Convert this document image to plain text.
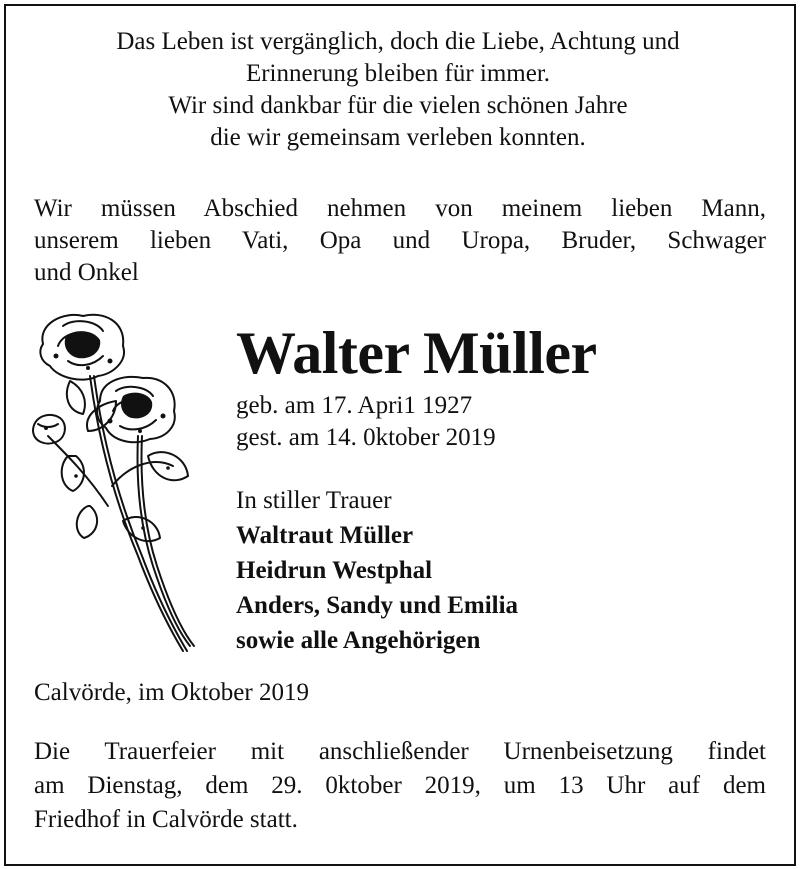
Das Leben ist vergänglich, doch die Liebe, Achtung und
Erinnerung bleiben für immer.
Wir sind dankbar für die vielen schönen Jahre
die wir gemeinsam verleben konnten.
Wir müssen Abschied nehmen von meinem lieben Mann,
unserem lieben Vati, Opa und Uropa, Bruder, Schwager
und Onkel
Walter Müller
geb. am 17. Apri1 1927
gest. am 14. 0ktober 2019
In stiller Trauer
Waltraut Müller
Heidrun Westphal
Anders, Sandy und Emilia
sowie alle Angehörigen
Calvörde, im Oktober 2019
Die Trauerfeier mit anschließender Urnenbeisetzung findet
am Dienstag, dem 29. 0ktober 2019, um 13 Uhr auf dem
Friedhof in Calvörde statt.
